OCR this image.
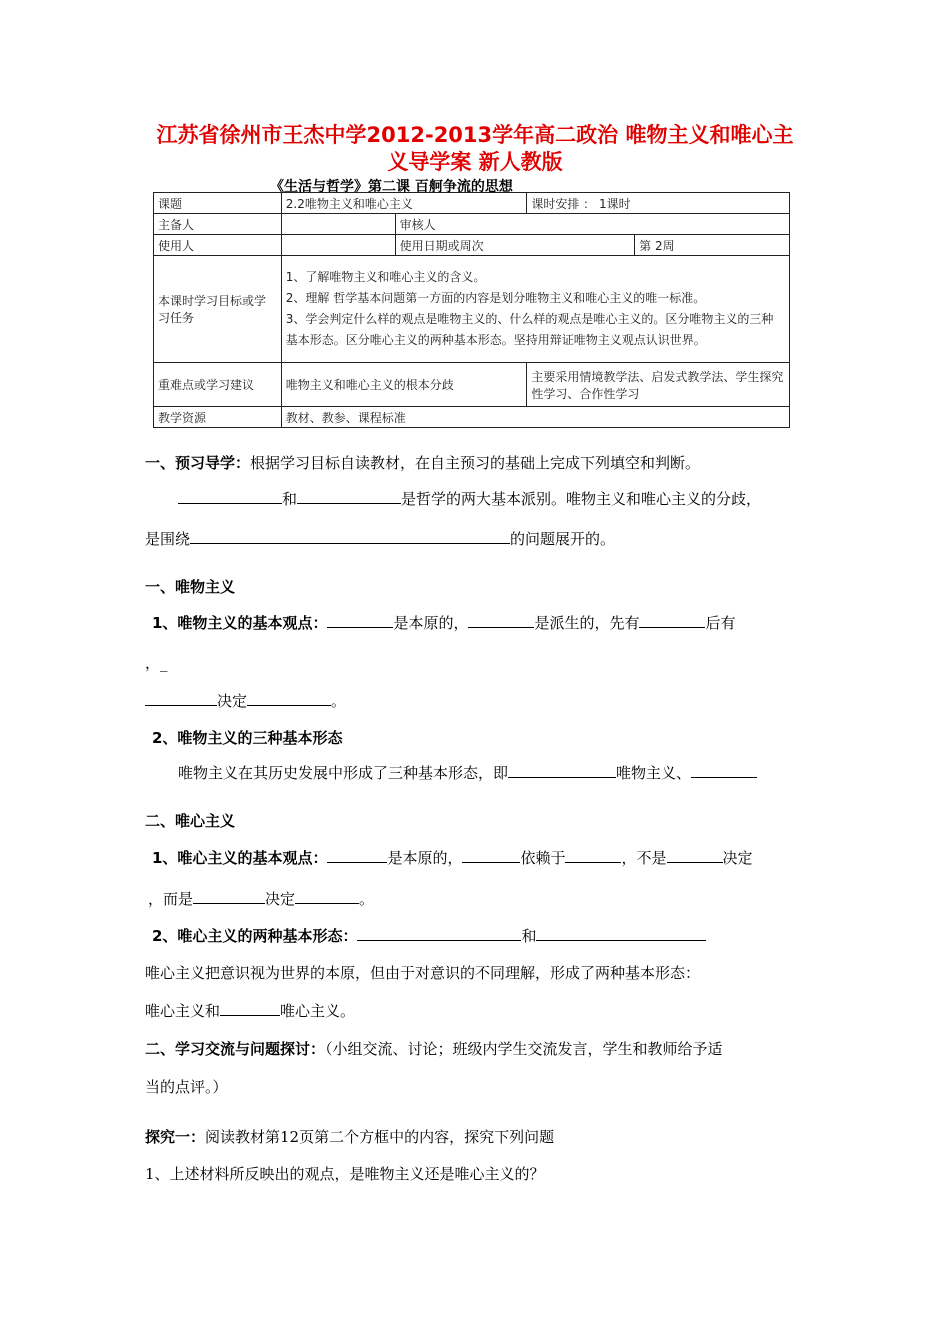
江苏省徐州市王杰中学2012-2013学年高二政治 唯物主义和唯心主
义导学案 新人教版
《生活与哲学》第二课 百舸争流的思想
课题	2.2唯物主义和唯心主义		课时安排 ： 1课时	
主备人		审核人		
使用人		使用日期或周次		第 2周
本课时学习目标或学习任务	1、了解唯物主义和唯心主义的含义。
2、理解 哲学基本问题第一方面的内容是划分唯物主义和唯心主义的唯一标准。
3、学会判定什么样的观点是唯物主义的、什么样的观点是唯心主义的。区分唯物主义的三种基本形态。区分唯心主义的两种基本形态。坚持用辩证唯物主义观点认识世界。			

重难点或学习建议	唯物主义和唯心主义的根本分歧		主要采用情境教学法、启发式教学法、学生探究性学习、合作性学习	
教学资源	教材、教参、课程标准			
一、预习导学：根据学习目标自读教材，在自主预习的基础上完成下列填空和判断。
和	是哲学的两大基本派别。唯物主义和唯心主义的分歧，
是围绕	的问题展开的。
一、唯物主义
1、唯物主义的基本观点：	是本原的，	是派生的，先有	后有
，_
决定	。
2、唯物主义的三种基本形态
唯物主义在其历史发展中形成了三种基本形态，即	唯物主义、
二、唯心主义
1、唯心主义的基本观点：	是本原的，	依赖于	，不是	决定
，而是	决定	。
2、唯心主义的两种基本形态：	和
唯心主义把意识视为世界的本原，但由于对意识的不同理解，形成了两种基本形态：
唯心主义和	唯心主义。
二、学习交流与问题探讨：（小组交流、讨论；班级内学生交流发言，学生和教师给予适
当的点评。）
探究一：阅读教材第12页第二个方框中的内容，探究下列问题
1、上述材料所反映出的观点，是唯物主义还是唯心主义的？
